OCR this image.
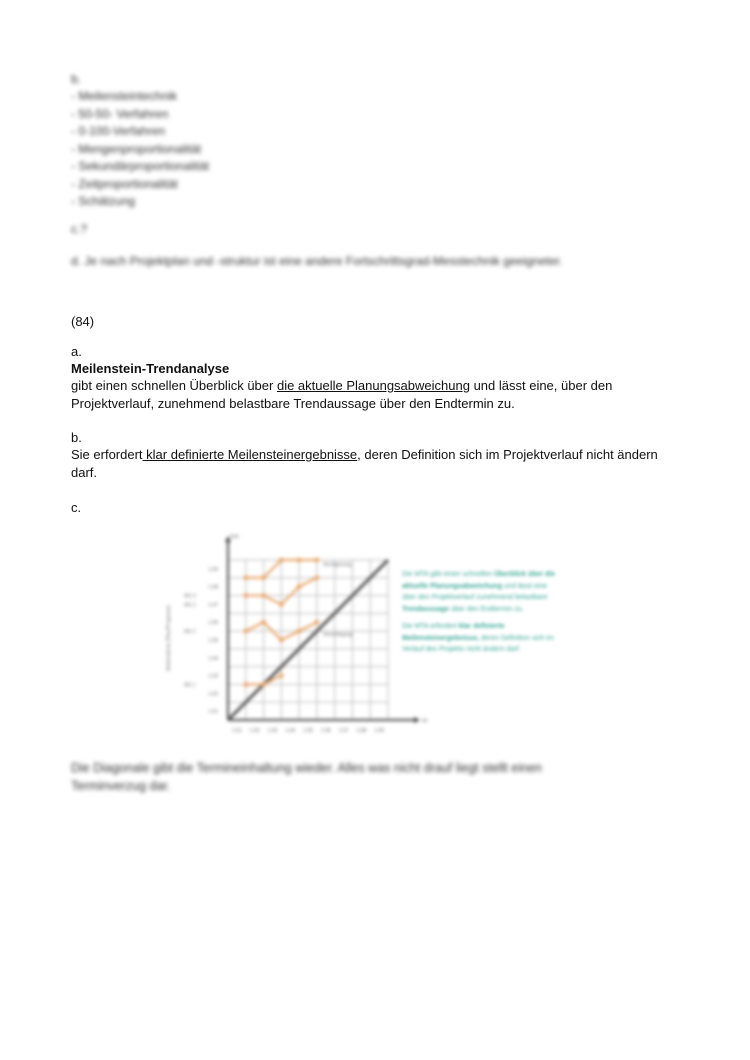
b.
- Meilensteintechnik
- 50-50- Verfahren
- 0-100-Verfahren
- Mengenproportionalität
- Sekundärproportionalität
- Zeitproportionalität
- Schätzung
c.?
d. Je nach Projektplan und -struktur ist eine andere Fortschrittsgrad-Messtechnik geeigneter.
(84)
a.
Meilenstein-Trendanalyse
gibt einen schnellen Überblick über die aktuelle Planungsabweichung und lässt eine, über den Projektverlauf, zunehmend belastbare Trendaussage über den Endtermin zu.
b.
Sie erfordert klar definierte Meilensteinergebnisse, deren Definition sich im Projektverlauf nicht ändern darf.
c.
1.01 1.02 1.03 1.04 1.05 1.06 1.07 1.08 1.09
1.01
1.02
1.03
1.04
1.05
1.06
1.07
1.08
1.09
MS 4
MS 3
MS 2
MS 1
Soll
Ist
Meilensteine (Plan/Prognose)
Verzögerung
Vorverlegung

Die MTA gibt einen schnellen Überblick über die aktuelle Planungsabweichung und lässt eine über den Projektverlauf zunehmend belastbare Trendaussage über den Endtermin zu.

Die MTA erfordert klar definierte Meilensteinergebnisse, deren Definition sich im Verlauf des Projekts nicht ändern darf.

Die Diagonale gibt die Termineinhaltung wieder. Alles was nicht drauf liegt stellt einen
Terminverzug dar.
